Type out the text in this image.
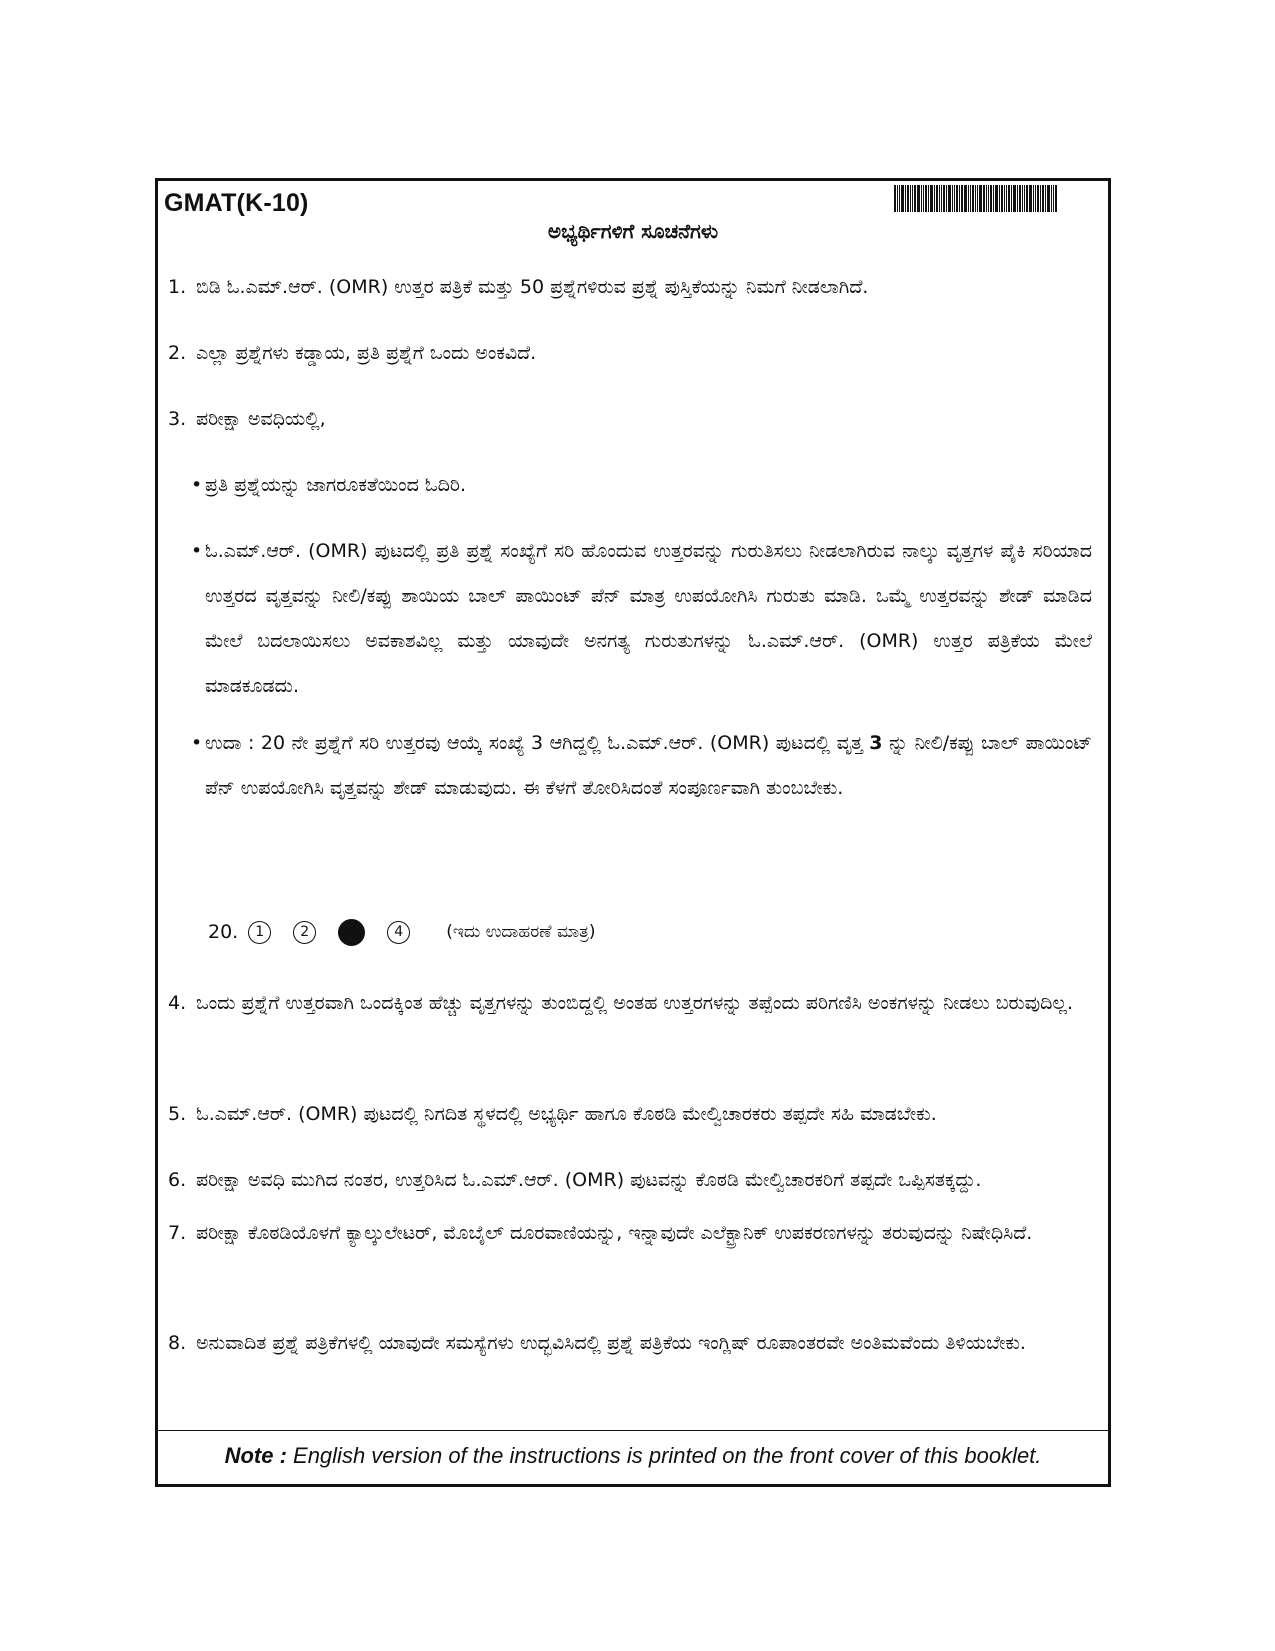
GMAT(K-10)
ಅಭ್ಯರ್ಥಿಗಳಿಗೆ ಸೂಚನೆಗಳು
1. ಬಿಡಿ ಓ.ಎಮ್.ಆರ್. (OMR) ಉತ್ತರ ಪತ್ರಿಕೆ ಮತ್ತು 50 ಪ್ರಶ್ನೆಗಳಿರುವ ಪ್ರಶ್ನೆ ಪುಸ್ತಿಕೆಯನ್ನು ನಿಮಗೆ ನೀಡಲಾಗಿದೆ.
2. ಎಲ್ಲಾ ಪ್ರಶ್ನೆಗಳು ಕಡ್ಡಾಯ, ಪ್ರತಿ ಪ್ರಶ್ನೆಗೆ ಒಂದು ಅಂಕವಿದೆ.
3. ಪರೀಕ್ಷಾ ಅವಧಿಯಲ್ಲಿ,
• ಪ್ರತಿ ಪ್ರಶ್ನೆಯನ್ನು ಜಾಗರೂಕತೆಯಿಂದ ಓದಿರಿ.
• ಓ.ಎಮ್.ಆರ್. (OMR) ಪುಟದಲ್ಲಿ ಪ್ರತಿ ಪ್ರಶ್ನೆ ಸಂಖ್ಯೆಗೆ ಸರಿ ಹೊಂದುವ ಉತ್ತರವನ್ನು ಗುರುತಿಸಲು ನೀಡಲಾಗಿರುವ ನಾಲ್ಕು ವೃತ್ತಗಳ ಪೈಕಿ ಸರಿಯಾದ ಉತ್ತರದ ವೃತ್ತವನ್ನು ನೀಲಿ/ಕಪ್ಪು ಶಾಯಿಯ ಬಾಲ್ ಪಾಯಿಂಟ್ ಪೆನ್ ಮಾತ್ರ ಉಪಯೋಗಿಸಿ ಗುರುತು ಮಾಡಿ. ಒಮ್ಮೆ ಉತ್ತರವನ್ನು ಶೇಡ್ ಮಾಡಿದ ಮೇಲೆ ಬದಲಾಯಿಸಲು ಅವಕಾಶವಿಲ್ಲ ಮತ್ತು ಯಾವುದೇ ಅನಗತ್ಯ ಗುರುತುಗಳನ್ನು ಓ.ಎಮ್.ಆರ್. (OMR) ಉತ್ತರ ಪತ್ರಿಕೆಯ ಮೇಲೆ ಮಾಡಕೂಡದು.
• ಉದಾ : 20 ನೇ ಪ್ರಶ್ನೆಗೆ ಸರಿ ಉತ್ತರವು ಆಯ್ಕೆ ಸಂಖ್ಯೆ 3 ಆಗಿದ್ದಲ್ಲಿ ಓ.ಎಮ್.ಆರ್. (OMR) ಪುಟದಲ್ಲಿ ವೃತ್ತ 3 ನ್ನು ನೀಲಿ/ಕಪ್ಪು ಬಾಲ್ ಪಾಯಿಂಟ್ ಪೆನ್ ಉಪಯೋಗಿಸಿ ವೃತ್ತವನ್ನು ಶೇಡ್ ಮಾಡುವುದು. ಈ ಕೆಳಗೆ ತೋರಿಸಿದಂತೆ ಸಂಪೂರ್ಣವಾಗಿ ತುಂಬಬೇಕು.
20.	1	2	4	(ಇದು ಉದಾಹರಣೆ ಮಾತ್ರ)
4. ಒಂದು ಪ್ರಶ್ನೆಗೆ ಉತ್ತರವಾಗಿ ಒಂದಕ್ಕಿಂತ ಹೆಚ್ಚು ವೃತ್ತಗಳನ್ನು ತುಂಬಿದ್ದಲ್ಲಿ ಅಂತಹ ಉತ್ತರಗಳನ್ನು ತಪ್ಪೆಂದು ಪರಿಗಣಿಸಿ ಅಂಕಗಳನ್ನು ನೀಡಲು ಬರುವುದಿಲ್ಲ.
5. ಓ.ಎಮ್.ಆರ್. (OMR) ಪುಟದಲ್ಲಿ ನಿಗದಿತ ಸ್ಥಳದಲ್ಲಿ ಅಭ್ಯರ್ಥಿ ಹಾಗೂ ಕೊಠಡಿ ಮೇಲ್ವಿಚಾರಕರು ತಪ್ಪದೇ ಸಹಿ ಮಾಡಬೇಕು.
6. ಪರೀಕ್ಷಾ ಅವಧಿ ಮುಗಿದ ನಂತರ, ಉತ್ತರಿಸಿದ ಓ.ಎಮ್.ಆರ್. (OMR) ಪುಟವನ್ನು ಕೊಠಡಿ ಮೇಲ್ವಿಚಾರಕರಿಗೆ ತಪ್ಪದೇ ಒಪ್ಪಿಸತಕ್ಕದ್ದು.
7. ಪರೀಕ್ಷಾ ಕೊಠಡಿಯೊಳಗೆ ಕ್ಯಾಲ್ಕುಲೇಟರ್, ಮೊಬೈಲ್ ದೂರವಾಣಿಯನ್ನು, ಇನ್ನಾವುದೇ ಎಲೆಕ್ಟ್ರಾನಿಕ್ ಉಪಕರಣಗಳನ್ನು ತರುವುದನ್ನು ನಿಷೇಧಿಸಿದೆ.
8. ಅನುವಾದಿತ ಪ್ರಶ್ನೆ ಪತ್ರಿಕೆಗಳಲ್ಲಿ ಯಾವುದೇ ಸಮಸ್ಯೆಗಳು ಉದ್ಭವಿಸಿದಲ್ಲಿ ಪ್ರಶ್ನೆ ಪತ್ರಿಕೆಯ ಇಂಗ್ಲಿಷ್ ರೂಪಾಂತರವೇ ಅಂತಿಮವೆಂದು ತಿಳಿಯಬೇಕು.
Note : English version of the instructions is printed on the front cover of this booklet.
